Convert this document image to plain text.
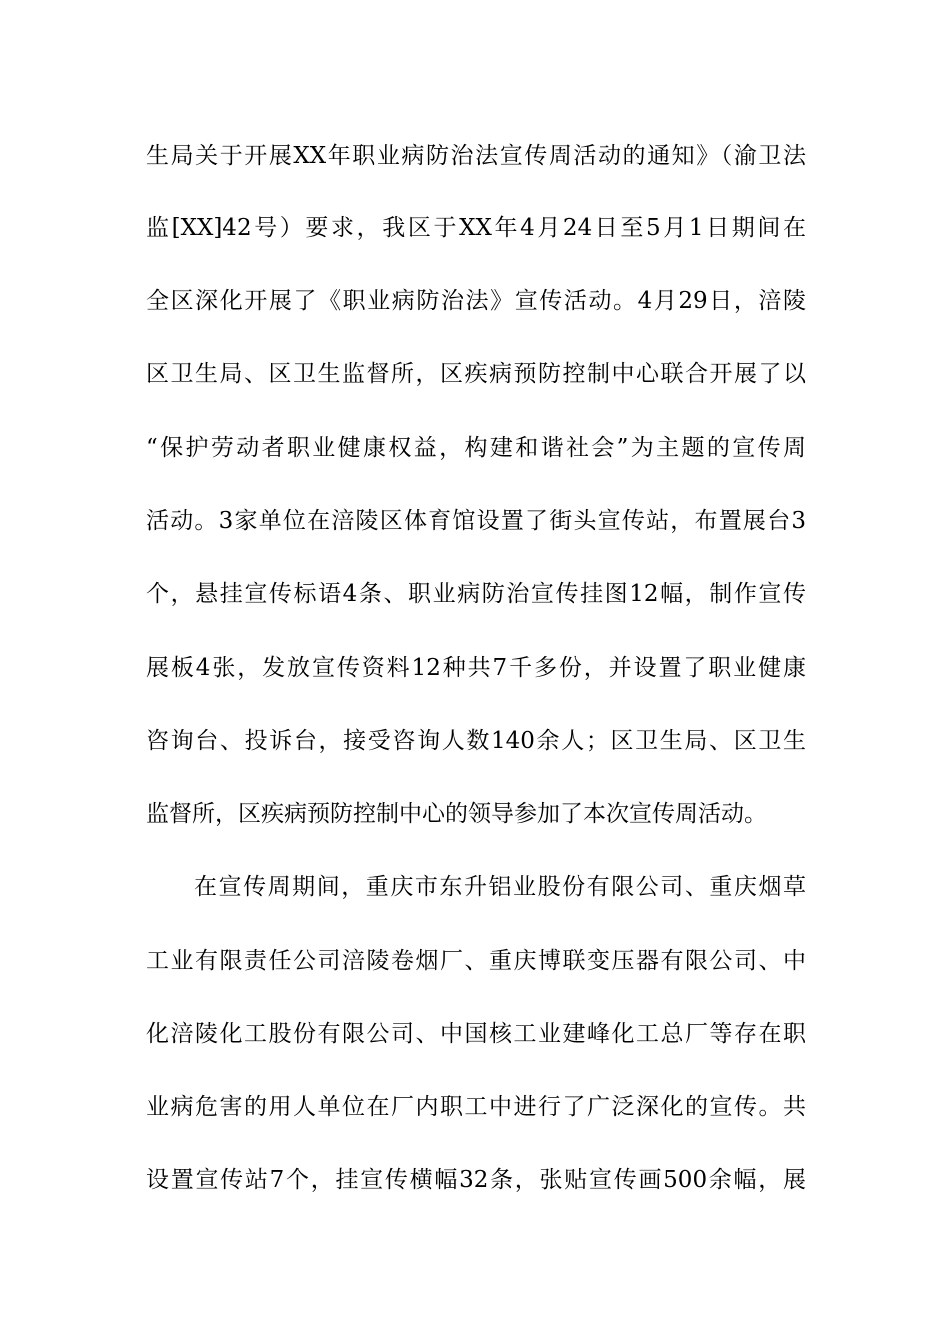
生局关于开展XX年职业病防治法宣传周活动的通知》（渝卫法
监[XX]42号）要求，我区于XX年4月24日至5月1日期间在
全区深化开展了《职业病防治法》宣传活动。4月29日，涪陵
区卫生局、区卫生监督所，区疾病预防控制中心联合开展了以
“保护劳动者职业健康权益，构建和谐社会”为主题的宣传周
活动。3家单位在涪陵区体育馆设置了街头宣传站，布置展台3
个，悬挂宣传标语4条、职业病防治宣传挂图12幅，制作宣传
展板4张，发放宣传资料12种共7千多份，并设置了职业健康
咨询台、投诉台，接受咨询人数140余人；区卫生局、区卫生
监督所，区疾病预防控制中心的领导参加了本次宣传周活动。
在宣传周期间，重庆市东升铝业股份有限公司、重庆烟草
工业有限责任公司涪陵卷烟厂、重庆博联变压器有限公司、中
化涪陵化工股份有限公司、中国核工业建峰化工总厂等存在职
业病危害的用人单位在厂内职工中进行了广泛深化的宣传。共
设置宣传站7个，挂宣传横幅32条，张贴宣传画500余幅，展
